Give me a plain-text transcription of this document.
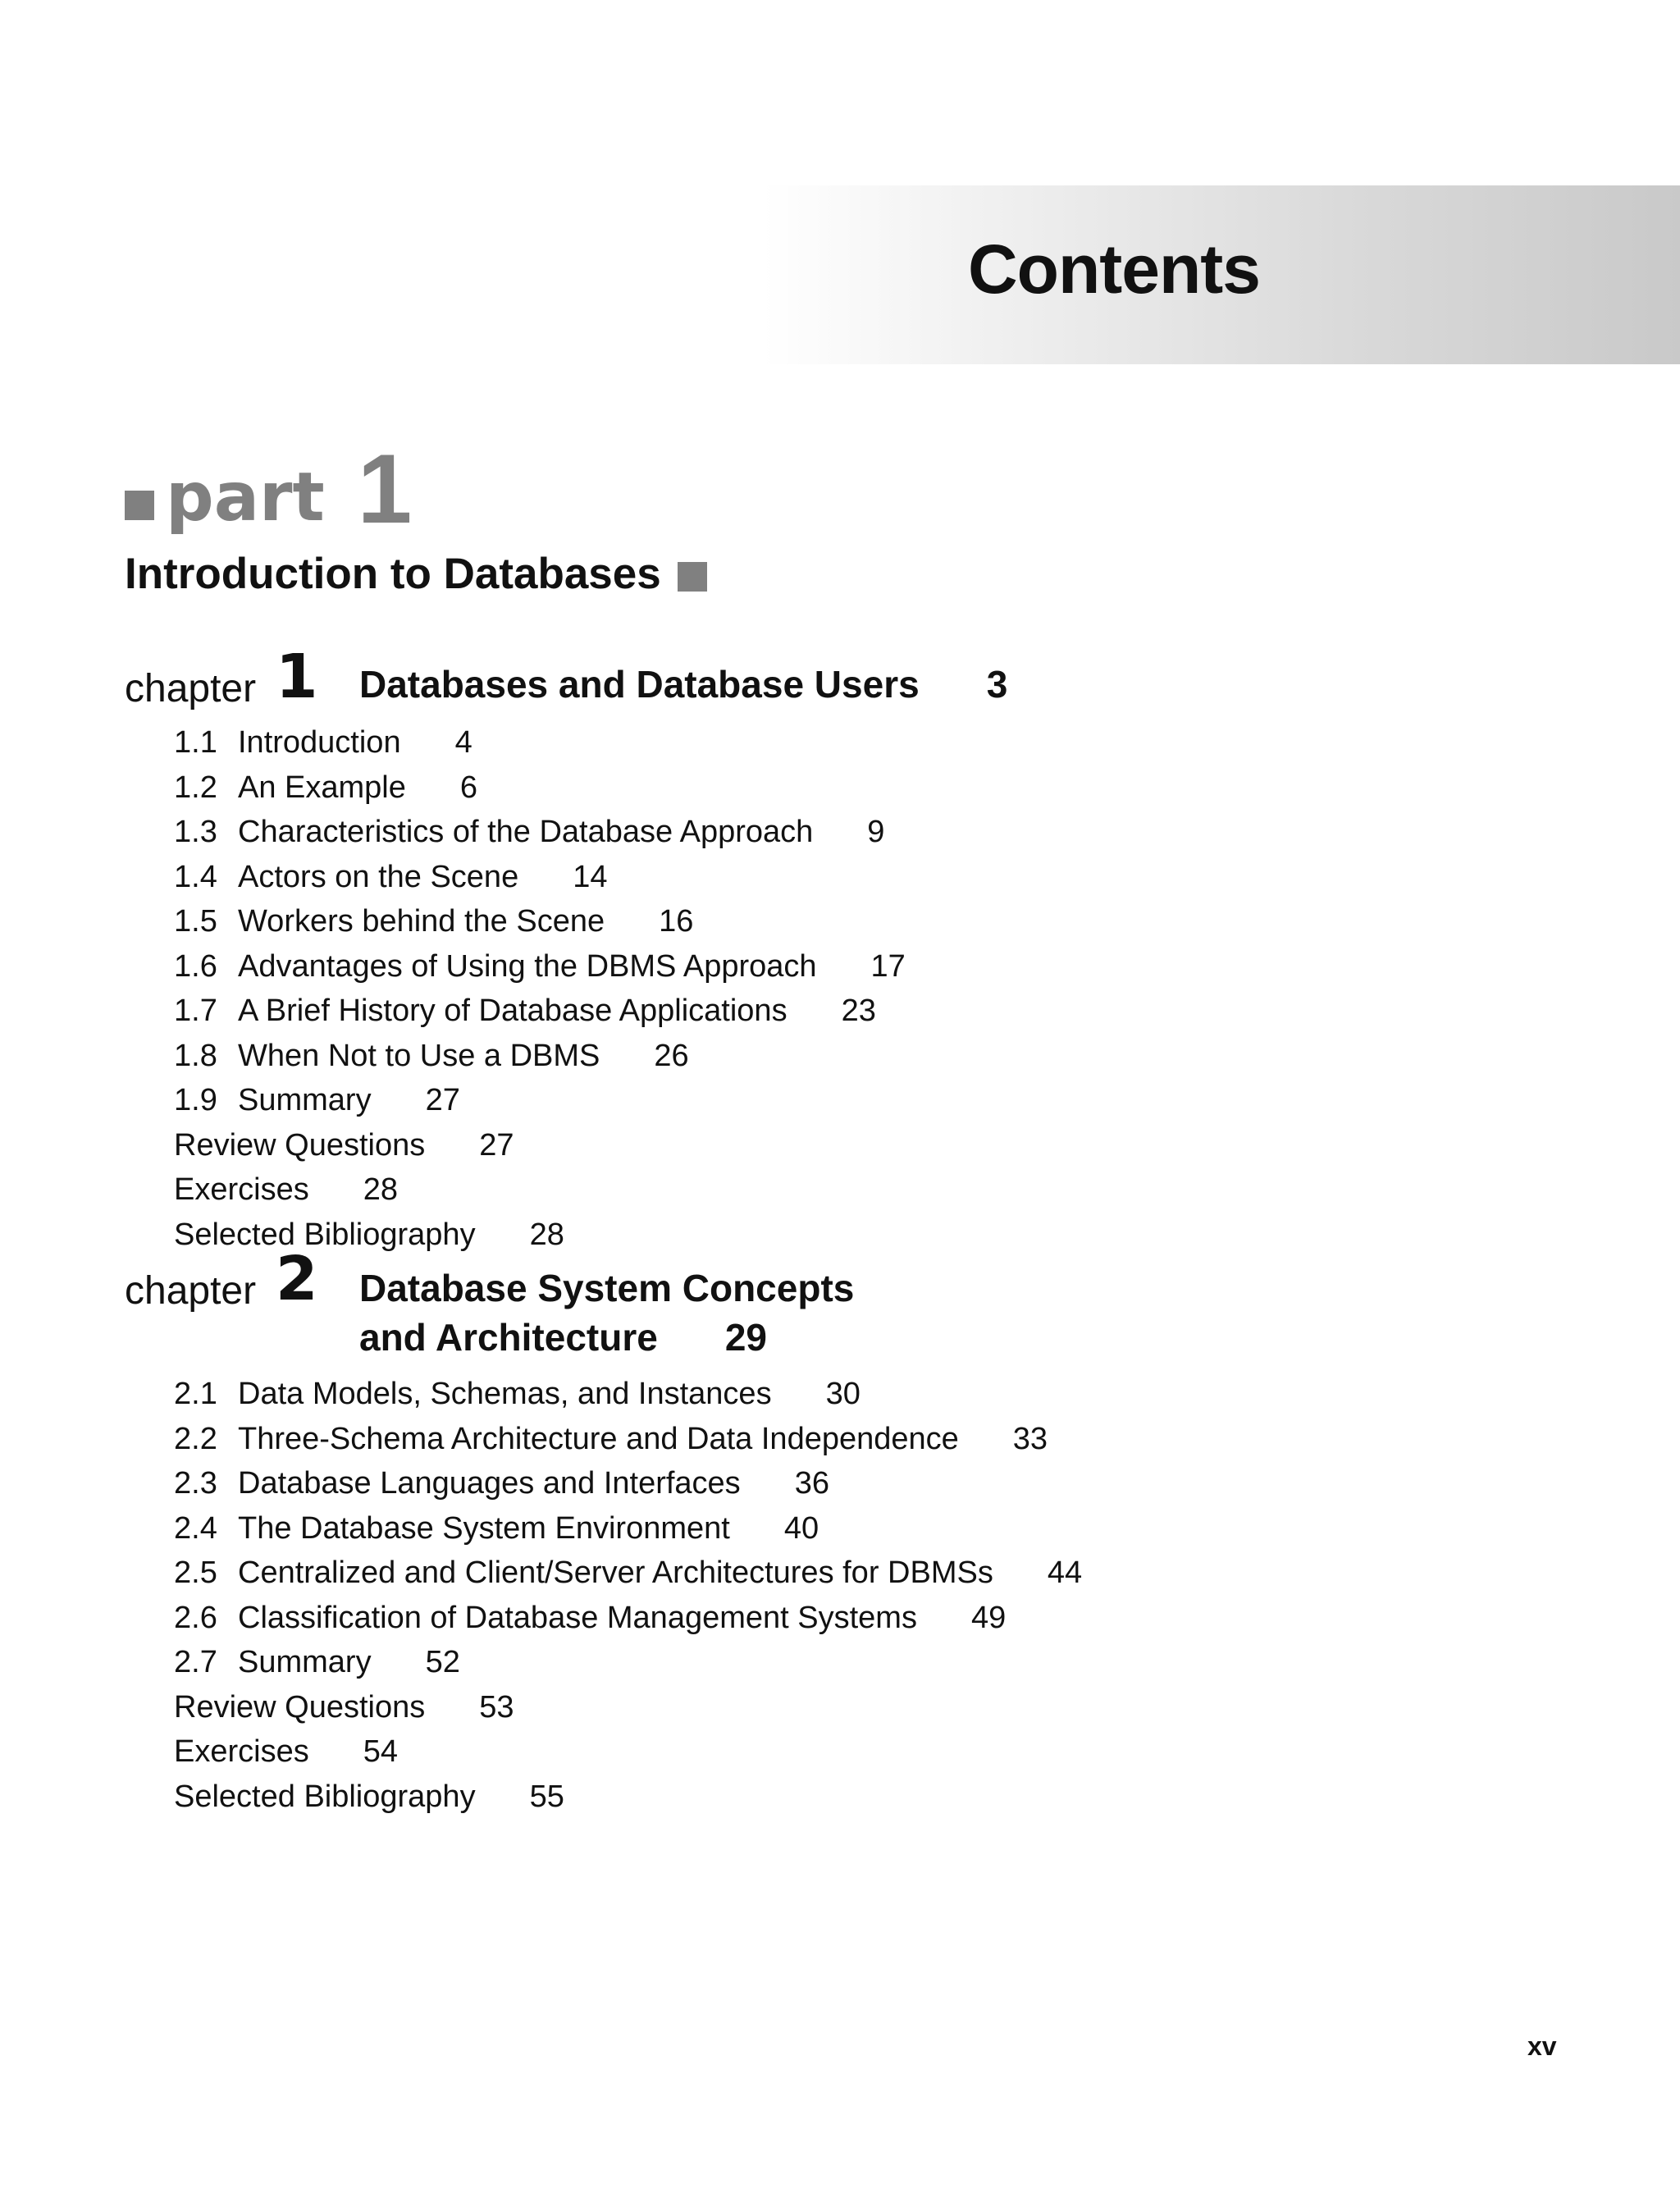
Contents
part 1
Introduction to Databases
chapter 1 Databases and Database Users 3
1.1 Introduction 4
1.2 An Example 6
1.3 Characteristics of the Database Approach 9
1.4 Actors on the Scene 14
1.5 Workers behind the Scene 16
1.6 Advantages of Using the DBMS Approach 17
1.7 A Brief History of Database Applications 23
1.8 When Not to Use a DBMS 26
1.9 Summary 27
Review Questions 27
Exercises 28
Selected Bibliography 28
chapter 2 Database System Concepts
and Architecture 29
2.1 Data Models, Schemas, and Instances 30
2.2 Three-Schema Architecture and Data Independence 33
2.3 Database Languages and Interfaces 36
2.4 The Database System Environment 40
2.5 Centralized and Client/Server Architectures for DBMSs 44
2.6 Classification of Database Management Systems 49
2.7 Summary 52
Review Questions 53
Exercises 54
Selected Bibliography 55
xv
